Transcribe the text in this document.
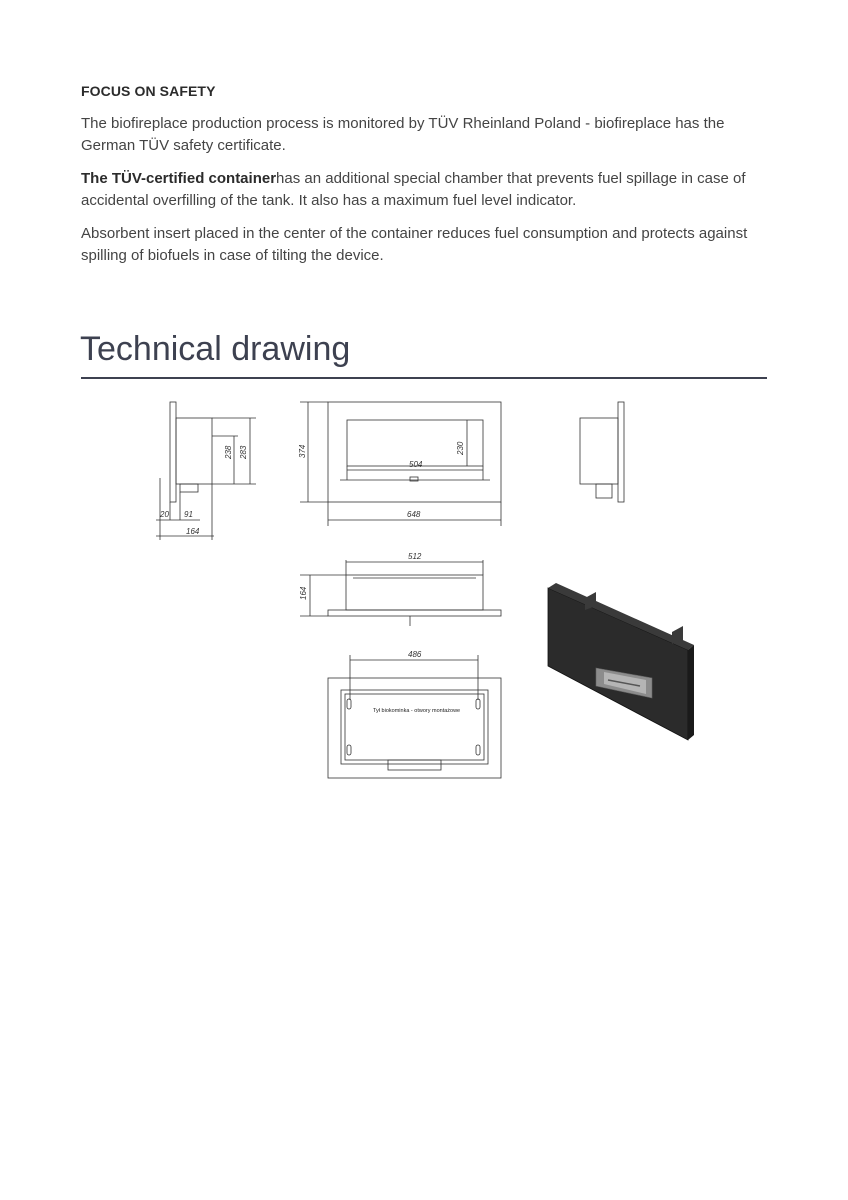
FOCUS ON SAFETY
The biofireplace production process is monitored by TÜV Rheinland Poland - biofireplace has the German TÜV safety certificate.
The TÜV-certified containerhas an additional special chamber that prevents fuel spillage in case of accidental overfilling of the tank. It also has a maximum fuel level indicator.
Absorbent insert placed in the center of the container reduces fuel consumption and protects against spilling of biofuels in case of tilting the device.
Technical drawing
238 283
20 91
164
374	230
504
648
512
164
486
Tył biokominka - otwory montażowe
